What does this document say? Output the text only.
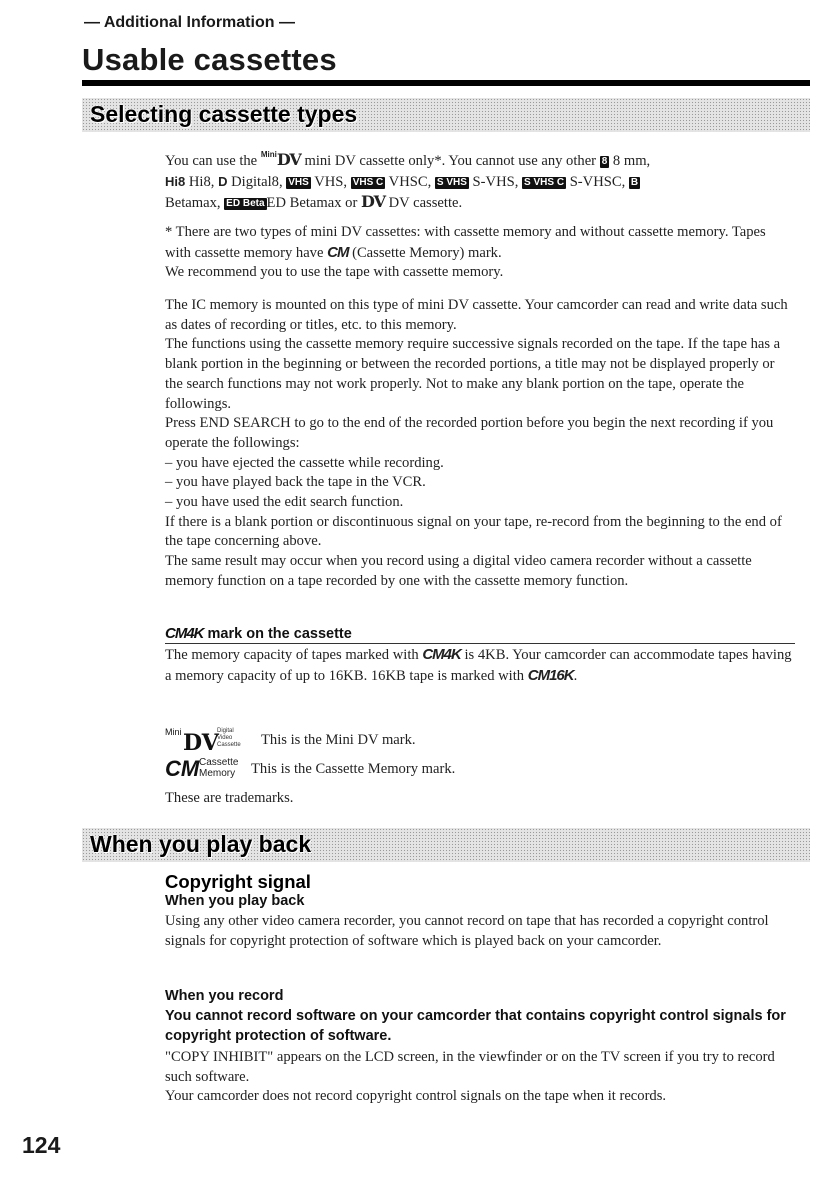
— Additional Information —
Usable cassettes
Selecting cassette types

You can use the $^{Mini}$DV mini DV cassette only*. You cannot use any other 8 8 mm,
Hi8 Hi8, D Digital8, VHS VHS, VHS C VHSC, S VHS S-VHS, S VHS C S-VHSC, B
Betamax, ED Beta ED Betamax or DV DV cassette.

* There are two types of mini DV cassettes: with cassette memory and without cassette memory. Tapes with cassette memory have CM (Cassette Memory) mark.

We recommend you to use the tape with cassette memory.

The IC memory is mounted on this type of mini DV cassette. Your camcorder can read and write data such as dates of recording or titles, etc. to this memory.

The functions using the cassette memory require successive signals recorded on the tape. If the tape has a blank portion in the beginning or between the recorded portions, a title may not be displayed properly or the search functions may not work properly. Not to make any blank portion on the tape, operate the followings.

Press END SEARCH to go to the end of the recorded portion before you begin the next recording if you operate the followings:

– you have ejected the cassette while recording.

– you have played back the tape in the VCR.

– you have used the edit search function.

If there is a blank portion or discontinuous signal on your tape, re-record from the beginning to the end of the tape concerning above.

The same result may occur when you record using a digital video camera recorder without a cassette memory function on a tape recorded by one with the cassette memory function.

CM4K mark on the cassette

The memory capacity of tapes marked with CM4K is 4KB. Your camcorder can accommodate tapes having a memory capacity of up to 16KB. 16KB tape is marked with CM16K.

Mini DV
Digital
Video
Cassette This is the Mini DV mark.
CM Cassette
Memory This is the Cassette Memory mark.

These are trademarks.

When you play back
Copyright signal
When you play back

Using any other video camera recorder, you cannot record on tape that has recorded a copyright control signals for copyright protection of software which is played back on your camcorder.

When you record
You cannot record software on your camcorder that contains copyright control signals for copyright protection of software.

"COPY INHIBIT" appears on the LCD screen, in the viewfinder or on the TV screen if you try to record such software.

Your camcorder does not record copyright control signals on the tape when it records.

124
